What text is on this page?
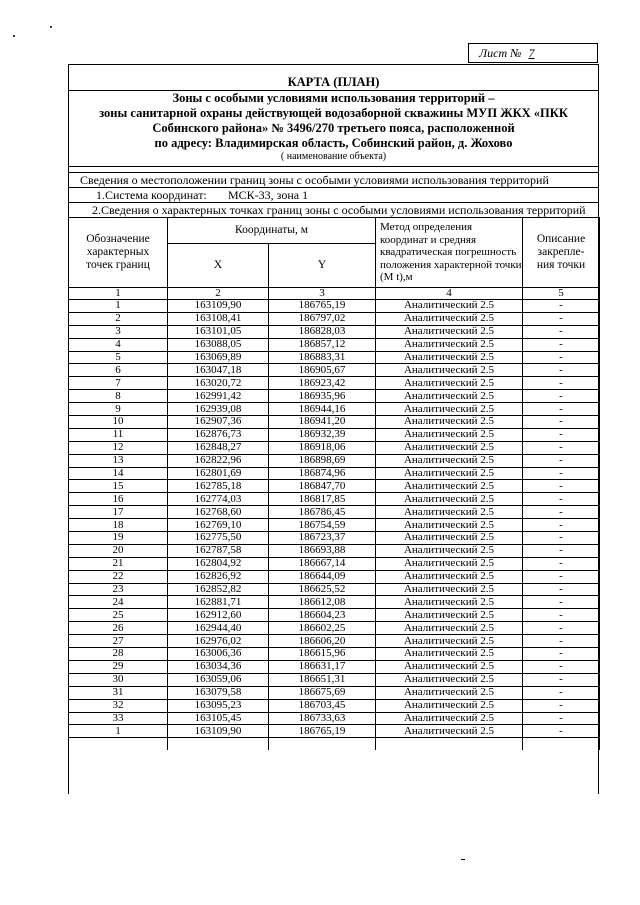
Лист № 7
КАРТА (ПЛАН)
Зоны с особыми условиями использования территорий –
зоны санитарной охраны действующей водозаборной скважины МУП ЖКХ «ПКК
Собинского района» № 3496/270 третьего пояса, расположенной
по адресу: Владимирская область, Собинский район, д. Жохово
( наименование объекта)
Сведения о местоположении границ зоны с особыми условиями использования территорий
1.Система координат: МСК-33, зона 1
2.Сведения о характерных точках границ зоны с особыми условиями использования территорий
Обозначение характерных точек границ	Координаты, м		Метод определения координат и средняя квадратическая погрешность положения характерной точки (М t),м	Описание закрепле-ния точки
	X	Y		
1	2	3	4	5
1	163109,90	186765,19	Аналитический 2.5	-
2	163108,41	186797,02	Аналитический 2.5	-
3	163101,05	186828,03	Аналитический 2.5	-
4	163088,05	186857,12	Аналитический 2.5	-
5	163069,89	186883,31	Аналитический 2.5	-
6	163047,18	186905,67	Аналитический 2.5	-
7	163020,72	186923,42	Аналитический 2.5	-
8	162991,42	186935,96	Аналитический 2.5	-
9	162939,08	186944,16	Аналитический 2.5	-
10	162907,36	186941,20	Аналитический 2.5	-
11	162876,73	186932,39	Аналитический 2.5	-
12	162848,27	186918,06	Аналитический 2.5	-
13	162822,96	186898,69	Аналитический 2.5	-
14	162801,69	186874,96	Аналитический 2.5	-
15	162785,18	186847,70	Аналитический 2.5	-
16	162774,03	186817,85	Аналитический 2.5	-
17	162768,60	186786,45	Аналитический 2.5	-
18	162769,10	186754,59	Аналитический 2.5	-
19	162775,50	186723,37	Аналитический 2.5	-
20	162787,58	186693,88	Аналитический 2.5	-
21	162804,92	186667,14	Аналитический 2.5	-
22	162826,92	186644,09	Аналитический 2.5	-
23	162852,82	186625,52	Аналитический 2.5	-
24	162881,71	186612,08	Аналитический 2.5	-
25	162912,60	186604,23	Аналитический 2.5	-
26	162944,40	186602,25	Аналитический 2.5	-
27	162976,02	186606,20	Аналитический 2.5	-
28	163006,36	186615,96	Аналитический 2.5	-
29	163034,36	186631,17	Аналитический 2.5	-
30	163059,06	186651,31	Аналитический 2.5	-
31	163079,58	186675,69	Аналитический 2.5	-
32	163095,23	186703,45	Аналитический 2.5	-
33	163105,45	186733,63	Аналитический 2.5	-
1	163109,90	186765,19	Аналитический 2.5	-
